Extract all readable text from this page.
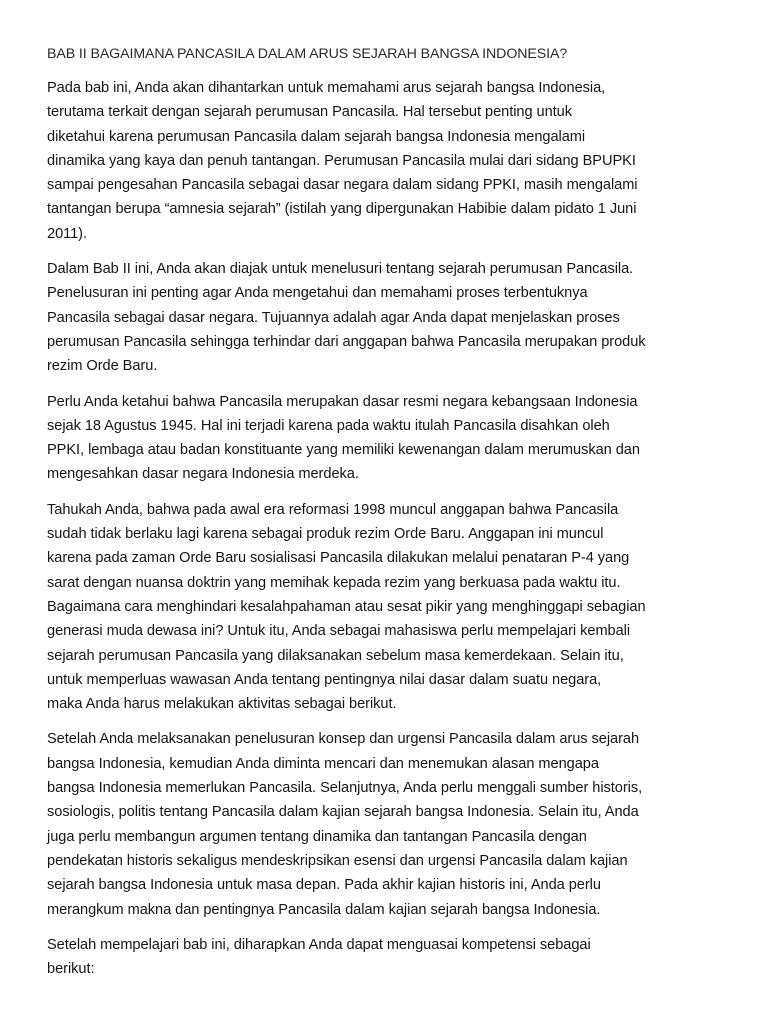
BAB II BAGAIMANA PANCASILA DALAM ARUS SEJARAH BANGSA INDONESIA?
Pada bab ini, Anda akan dihantarkan untuk memahami arus sejarah bangsa Indonesia,
terutama terkait dengan sejarah perumusan Pancasila. Hal tersebut penting untuk
diketahui karena perumusan Pancasila dalam sejarah bangsa Indonesia mengalami
dinamika yang kaya dan penuh tantangan. Perumusan Pancasila mulai dari sidang BPUPKI
sampai pengesahan Pancasila sebagai dasar negara dalam sidang PPKI, masih mengalami
tantangan berupa “amnesia sejarah” (istilah yang dipergunakan Habibie dalam pidato 1 Juni
2011).
Dalam Bab II ini, Anda akan diajak untuk menelusuri tentang sejarah perumusan Pancasila.
Penelusuran ini penting agar Anda mengetahui dan memahami proses terbentuknya
Pancasila sebagai dasar negara. Tujuannya adalah agar Anda dapat menjelaskan proses
perumusan Pancasila sehingga terhindar dari anggapan bahwa Pancasila merupakan produk
rezim Orde Baru.
Perlu Anda ketahui bahwa Pancasila merupakan dasar resmi negara kebangsaan Indonesia
sejak 18 Agustus 1945. Hal ini terjadi karena pada waktu itulah Pancasila disahkan oleh
PPKI, lembaga atau badan konstituante yang memiliki kewenangan dalam merumuskan dan
mengesahkan dasar negara Indonesia merdeka.
Tahukah Anda, bahwa pada awal era reformasi 1998 muncul anggapan bahwa Pancasila
sudah tidak berlaku lagi karena sebagai produk rezim Orde Baru. Anggapan ini muncul
karena pada zaman Orde Baru sosialisasi Pancasila dilakukan melalui penataran P-4 yang
sarat dengan nuansa doktrin yang memihak kepada rezim yang berkuasa pada waktu itu.
Bagaimana cara menghindari kesalahpahaman atau sesat pikir yang menghinggapi sebagian
generasi muda dewasa ini? Untuk itu, Anda sebagai mahasiswa perlu mempelajari kembali
sejarah perumusan Pancasila yang dilaksanakan sebelum masa kemerdekaan. Selain itu,
untuk memperluas wawasan Anda tentang pentingnya nilai dasar dalam suatu negara,
maka Anda harus melakukan aktivitas sebagai berikut.
Setelah Anda melaksanakan penelusuran konsep dan urgensi Pancasila dalam arus sejarah
bangsa Indonesia, kemudian Anda diminta mencari dan menemukan alasan mengapa
bangsa Indonesia memerlukan Pancasila. Selanjutnya, Anda perlu menggali sumber historis,
sosiologis, politis tentang Pancasila dalam kajian sejarah bangsa Indonesia. Selain itu, Anda
juga perlu membangun argumen tentang dinamika dan tantangan Pancasila dengan
pendekatan historis sekaligus mendeskripsikan esensi dan urgensi Pancasila dalam kajian
sejarah bangsa Indonesia untuk masa depan. Pada akhir kajian historis ini, Anda perlu
merangkum makna dan pentingnya Pancasila dalam kajian sejarah bangsa Indonesia.
Setelah mempelajari bab ini, diharapkan Anda dapat menguasai kompetensi sebagai
berikut:
